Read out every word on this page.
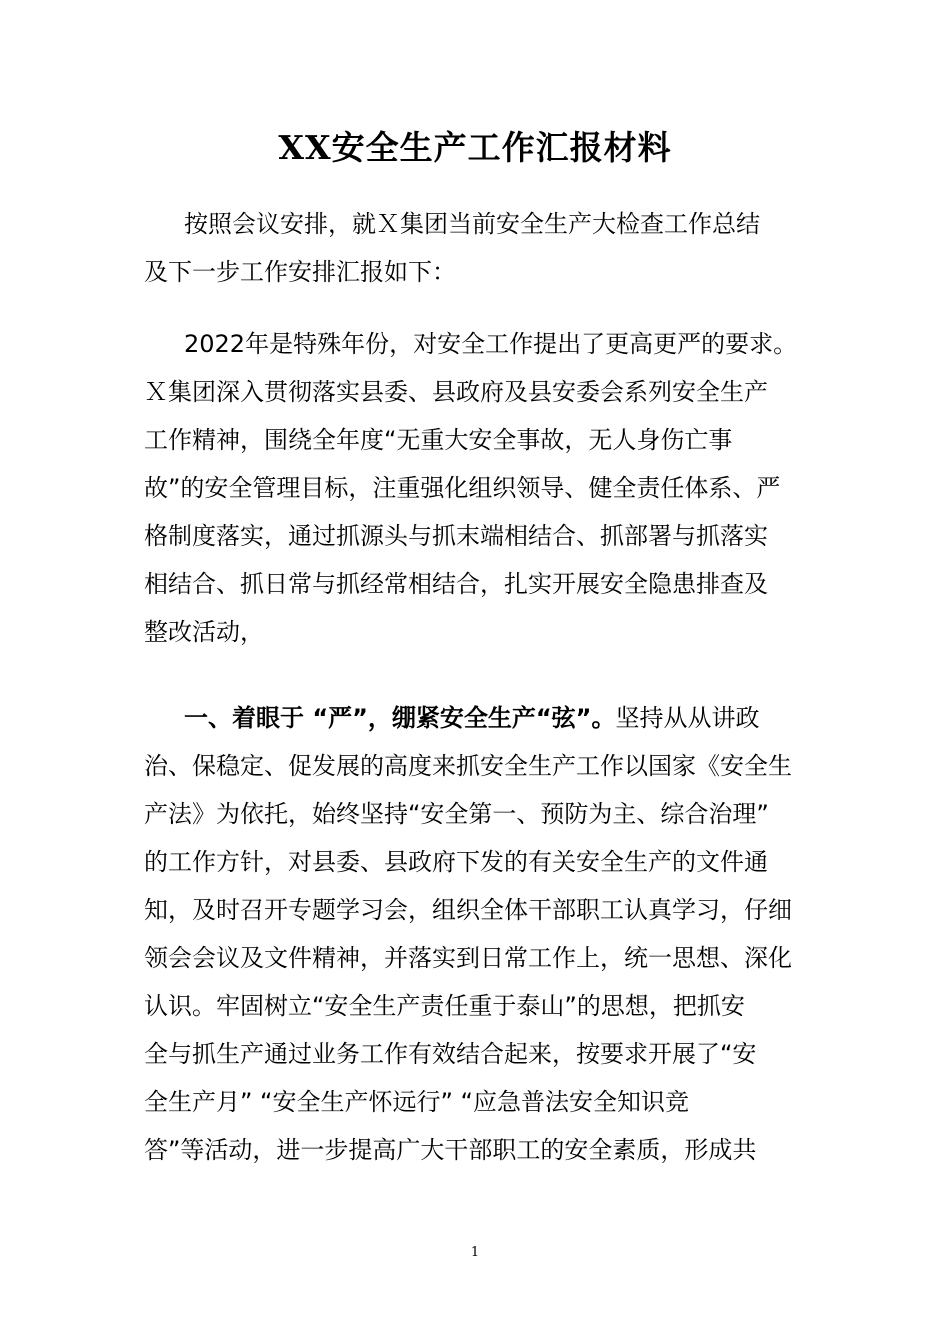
XX安全生产工作汇报材料
按照会议安排，就Ｘ集团当前安全生产大检查工作总结
及下一步工作安排汇报如下：
2022年是特殊年份，对安全工作提出了更高更严的要求。
Ｘ集团深入贯彻落实县委、县政府及县安委会系列安全生产
工作精神，围绕全年度“无重大安全事故，无人身伤亡事
故”的安全管理目标，注重强化组织领导、健全责任体系、严
格制度落实，通过抓源头与抓末端相结合、抓部署与抓落实
相结合、抓日常与抓经常相结合，扎实开展安全隐患排查及
整改活动，
一、着眼于 “严”，绷紧安全生产“弦”。坚持从从讲政
治、保稳定、促发展的高度来抓安全生产工作以国家《安全生
产法》为依托，始终坚持“安全第一、预防为主、综合治理”
的工作方针，对县委、县政府下发的有关安全生产的文件通
知，及时召开专题学习会，组织全体干部职工认真学习，仔细
领会会议及文件精神，并落实到日常工作上，统一思想、深化
认识。牢固树立“安全生产责任重于泰山”的思想，把抓安
全与抓生产通过业务工作有效结合起来，按要求开展了“安
全生产月” “安全生产怀远行” “应急普法安全知识竞
答”等活动，进一步提高广大干部职工的安全素质，形成共
1
